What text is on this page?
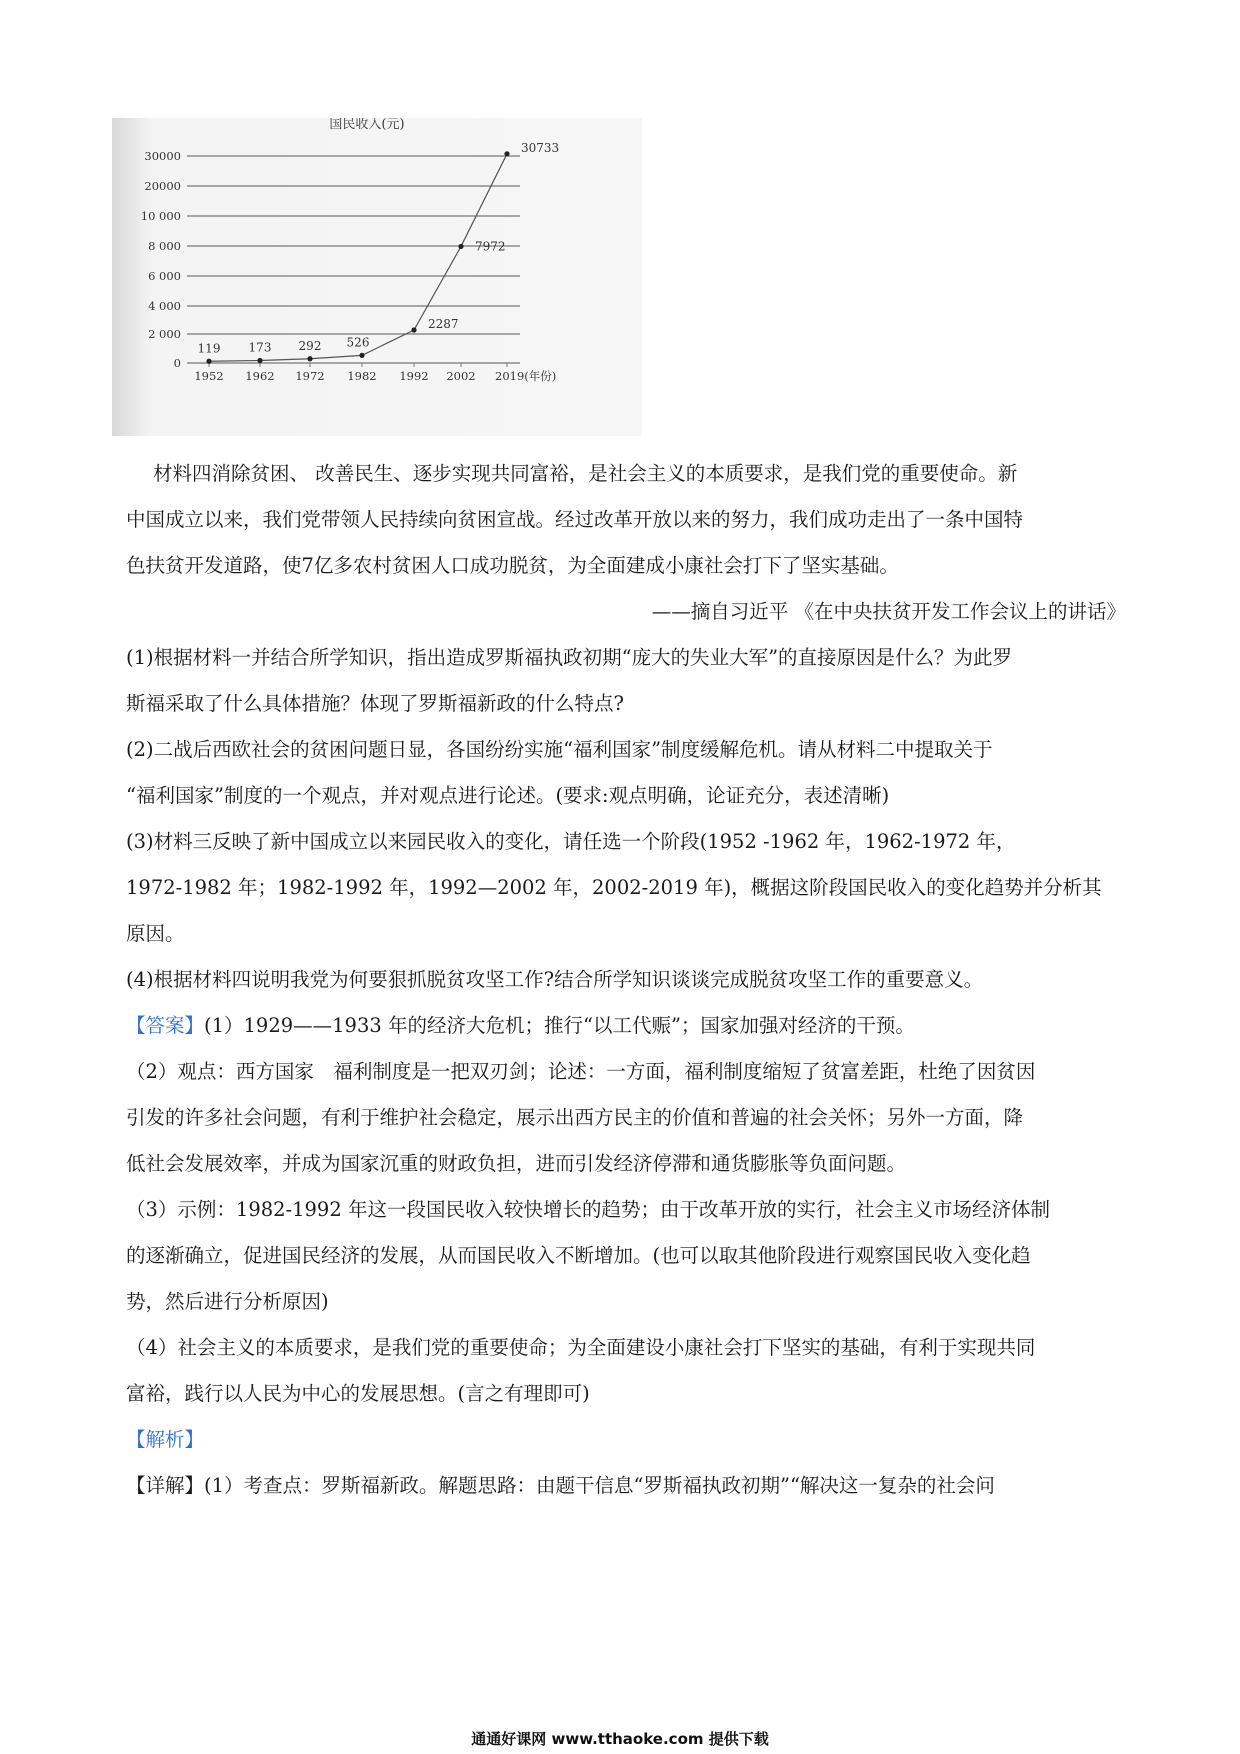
国民收入(元)
0
2 000
4 000
6 000
8 000
10 000
20000
30000
1952 1962 1972 1982 1992 2002 2019(年份)
119 173 292 526
2287
7972
30733
材料四消除贫困、 改善民生、逐步实现共同富裕，是社会主义的本质要求，是我们党的重要使命。新
中国成立以来，我们党带领人民持续向贫困宣战。经过改革开放以来的努力，我们成功走出了一条中国特
色扶贫开发道路，使7亿多农村贫困人口成功脱贫，为全面建成小康社会打下了坚实基础。
——摘自习近平 《在中央扶贫开发工作会议上的讲话》
(1)根据材料一并结合所学知识，指出造成罗斯福执政初期“庞大的失业大军”的直接原因是什么？为此罗
斯福采取了什么具体措施？体现了罗斯福新政的什么特点?
(2)二战后西欧社会的贫困问题日显，各国纷纷实施“福利国家”制度缓解危机。请从材料二中提取关于
“福利国家”制度的一个观点，并对观点进行论述。(要求:观点明确，论证充分，表述清晰)
(3)材料三反映了新中国成立以来园民收入的变化，请任选一个阶段(1952 -1962 年，1962-1972 年，
1972-1982 年；1982-1992 年，1992—2002 年，2002-2019 年)，概据这阶段国民收入的变化趋势并分析其
原因。
(4)根据材料四说明我党为何要狠抓脱贫攻坚工作?结合所学知识谈谈完成脱贫攻坚工作的重要意义。
【答案】(1）1929——1933 年的经济大危机；推行“以工代赈”；国家加强对经济的干预。
（2）观点：西方国家　福利制度是一把双刃剑；论述：一方面，福利制度缩短了贫富差距，杜绝了因贫因
引发的许多社会问题，有利于维护社会稳定，展示出西方民主的价值和普遍的社会关怀；另外一方面，降
低社会发展效率，并成为国家沉重的财政负担，进而引发经济停滞和通货膨胀等负面问题。
（3）示例：1982-1992 年这一段国民收入较快增长的趋势；由于改革开放的实行，社会主义市场经济体制
的逐渐确立，促进国民经济的发展，从而国民收入不断增加。(也可以取其他阶段进行观察国民收入变化趋
势，然后进行分析原因)
（4）社会主义的本质要求，是我们党的重要使命；为全面建设小康社会打下坚实的基础，有利于实现共同
富裕，践行以人民为中心的发展思想。(言之有理即可)
【解析】
【详解】(1）考查点：罗斯福新政。解题思路：由题干信息“罗斯福执政初期”“解决这一复杂的社会问
通通好课网 www.tthaoke.com 提供下载
